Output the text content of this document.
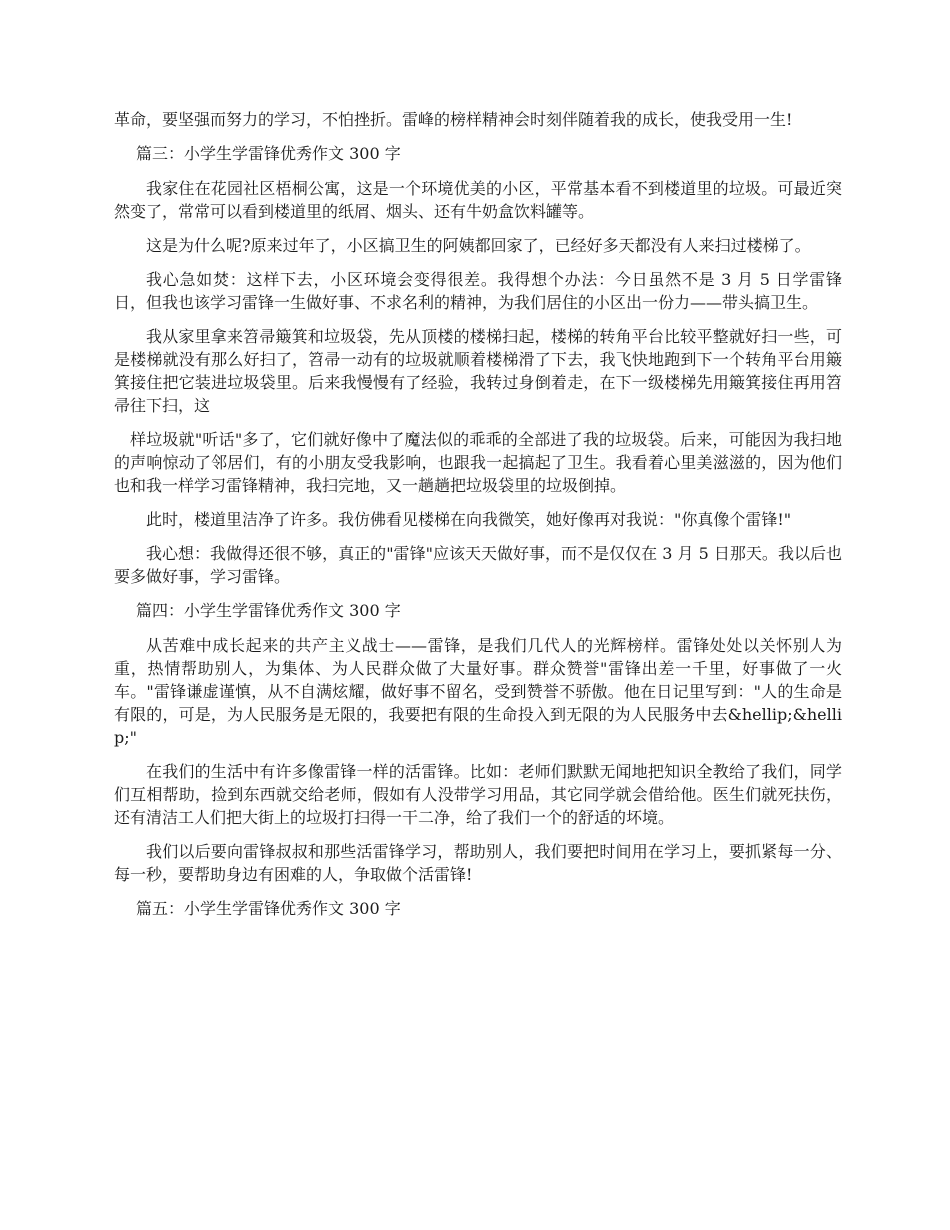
革命，要坚强而努力的学习，不怕挫折。雷峰的榜样精神会时刻伴随着我的成长，使我受用一生!

篇三：小学生学雷锋优秀作文 300 字

我家住在花园社区梧桐公寓，这是一个环境优美的小区，平常基本看不到楼道里的垃圾。可最近突然变了，常常可以看到楼道里的纸屑、烟头、还有牛奶盒饮料罐等。

这是为什么呢?原来过年了，小区搞卫生的阿姨都回家了，已经好多天都没有人来扫过楼梯了。

我心急如焚：这样下去，小区环境会变得很差。我得想个办法：今日虽然不是 3 月 5 日学雷锋日，但我也该学习雷锋一生做好事、不求名利的精神，为我们居住的小区出一份力——带头搞卫生。

我从家里拿来笤帚簸箕和垃圾袋，先从顶楼的楼梯扫起，楼梯的转角平台比较平整就好扫一些，可是楼梯就没有那么好扫了，笤帚一动有的垃圾就顺着楼梯滑了下去，我飞快地跑到下一个转角平台用簸箕接住把它装进垃圾袋里。后来我慢慢有了经验，我转过身倒着走，在下一级楼梯先用簸箕接住再用笤帚往下扫，这

样垃圾就"听话"多了，它们就好像中了魔法似的乖乖的全部进了我的垃圾袋。后来，可能因为我扫地的声响惊动了邻居们，有的小朋友受我影响，也跟我一起搞起了卫生。我看着心里美滋滋的，因为他们也和我一样学习雷锋精神，我扫完地，又一趟趟把垃圾袋里的垃圾倒掉。

此时，楼道里洁净了许多。我仿佛看见楼梯在向我微笑，她好像再对我说："你真像个雷锋!"

我心想：我做得还很不够，真正的"雷锋"应该天天做好事，而不是仅仅在 3 月 5 日那天。我以后也要多做好事，学习雷锋。

篇四：小学生学雷锋优秀作文 300 字

从苦难中成长起来的共产主义战士——雷锋，是我们几代人的光辉榜样。雷锋处处以关怀别人为重，热情帮助别人，为集体、为人民群众做了大量好事。群众赞誉"雷锋出差一千里，好事做了一火车。"雷锋谦虚谨慎，从不自满炫耀，做好事不留名，受到赞誉不骄傲。他在日记里写到："人的生命是有限的，可是，为人民服务是无限的，我要把有限的生命投入到无限的为人民服务中去&hellip;&hellip;"

在我们的生活中有许多像雷锋一样的活雷锋。比如：老师们默默无闻地把知识全教给了我们，同学们互相帮助，捡到东西就交给老师，假如有人没带学习用品，其它同学就会借给他。医生们就死扶伤，还有清洁工人们把大街上的垃圾打扫得一干二净，给了我们一个的舒适的坏境。

我们以后要向雷锋叔叔和那些活雷锋学习，帮助别人，我们要把时间用在学习上，要抓紧每一分、每一秒，要帮助身边有困难的人，争取做个活雷锋!

篇五：小学生学雷锋优秀作文 300 字
